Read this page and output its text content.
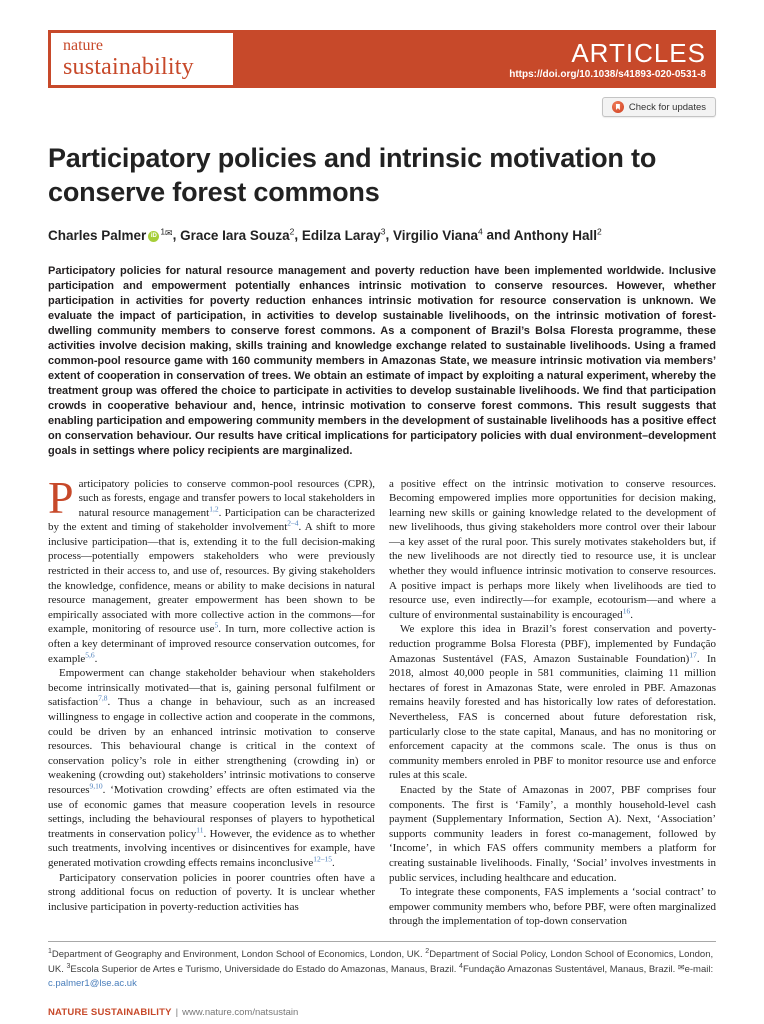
nature
sustainability	ARTICLES
https://doi.org/10.1038/s41893-020-0531-8
Check for updates
Participatory policies and intrinsic motivation to conserve forest commons
Charles Palmer iD $^{1✉}$, Grace Iara Souza$^2$, Edilza Laray$^3$, Virgilio Viana$^4$ and Anthony Hall$^2$
Participatory policies for natural resource management and poverty reduction have been implemented worldwide. Inclusive participation and empowerment potentially enhances intrinsic motivation to conserve resources. However, whether participation in activities for poverty reduction enhances intrinsic motivation for resource conservation is unknown. We evaluate the impact of participation, in activities to develop sustainable livelihoods, on the intrinsic motivation of forest-dwelling community members to conserve forest commons. As a component of Brazil’s Bolsa Floresta programme, these activities involve decision making, skills training and knowledge exchange related to sustainable livelihoods. Using a framed common-pool resource game with 160 community members in Amazonas State, we measure intrinsic motivation via members’ extent of cooperation in conservation of trees. We obtain an estimate of impact by exploiting a natural experiment, whereby the treatment group was offered the choice to participate in activities to develop sustainable livelihoods. We find that participation crowds in cooperative behaviour and, hence, intrinsic motivation to conserve forest commons. This result suggests that enabling participation and empowering community members in the development of sustainable livelihoods has a positive effect on conservation behaviour. Our results have critical implications for participatory policies with dual environment–development goals in settings where policy recipients are marginalized.

Participatory policies to conserve common-pool resources (CPR), such as forests, engage and transfer powers to local stakeholders in natural resource management$^{1,2}$. Participation can be characterized by the extent and timing of stakeholder involvement$^{2-4}$. A shift to more inclusive participation—that is, extending it to the full decision-making process—potentially empowers stakeholders who were previously restricted in their access to, and use of, resources. By giving stakeholders the knowledge, confidence, means or ability to make decisions in natural resource management, greater empowerment has been shown to be empirically associated with more collective action in the commons—for example, monitoring of resource use$^5$. In turn, more collective action is often a key determinant of improved resource conservation outcomes, for example$^{5,6}$.

Empowerment can change stakeholder behaviour when stakeholders become intrinsically motivated—that is, gaining personal fulfilment or satisfaction$^{7,8}$. Thus a change in behaviour, such as an increased willingness to engage in collective action and cooperate in the commons, could be driven by an enhanced intrinsic motivation to conserve resources. This behavioural change is critical in the context of conservation policy’s role in either strengthening (crowding in) or weakening (crowding out) stakeholders’ intrinsic motivations to conserve resources$^{9,10}$. ‘Motivation crowding’ effects are often estimated via the use of economic games that measure cooperation levels in resource settings, including the behavioural responses of players to hypothetical treatments in conservation policy$^{11}$. However, the evidence as to whether such treatments, involving incentives or disincentives for example, have generated motivation crowding effects remains inconclusive$^{12-15}$.

Participatory conservation policies in poorer countries often have a strong additional focus on reduction of poverty. It is unclear whether inclusive participation in poverty-reduction activities has

a positive effect on the intrinsic motivation to conserve resources. Becoming empowered implies more opportunities for decision making, learning new skills or gaining knowledge related to the development of new livelihoods, thus giving stakeholders more control over their labour—a key asset of the rural poor. This surely motivates stakeholders but, if the new livelihoods are not directly tied to resource use, it is unclear whether they would influence intrinsic motivation to conserve resources. A positive impact is perhaps more likely when livelihoods are tied to resource use, even indirectly—for example, ecotourism—and where a culture of environmental sustainability is encouraged$^{16}$.

We explore this idea in Brazil’s forest conservation and poverty-reduction programme Bolsa Floresta (PBF), implemented by Fundação Amazonas Sustentável (FAS, Amazon Sustainable Foundation)$^{17}$. In 2018, almost 40,000 people in 581 communities, claiming 11 million hectares of forest in Amazonas State, were enroled in PBF. Amazonas remains heavily forested and has historically low rates of deforestation. Nevertheless, FAS is concerned about future deforestation risk, particularly close to the state capital, Manaus, and has no monitoring or enforcement capacity at the commons scale. The onus is thus on community members enroled in PBF to monitor resource use and enforce rules at this scale.

Enacted by the State of Amazonas in 2007, PBF comprises four components. The first is ‘Family’, a monthly household-level cash payment (Supplementary Information, Section A). Next, ‘Association’ supports community leaders in forest co-management, followed by ‘Income’, in which FAS offers community members a platform for creating sustainable livelihoods. Finally, ‘Social’ involves investments in public services, including healthcare and education.

To integrate these components, FAS implements a ‘social contract’ to empower community members who, before PBF, were often marginalized through the implementation of top-down conservation

$^1$Department of Geography and Environment, London School of Economics, London, UK. $^2$Department of Social Policy, London School of Economics, London, UK. $^3$Escola Superior de Artes e Turismo, Universidade do Estado do Amazonas, Manaus, Brazil. $^4$Fundação Amazonas Sustentável, Manaus, Brazil. ✉e-mail: c.palmer1@lse.ac.uk
NATURE SUSTAINABILITY | www.nature.com/natsustain
